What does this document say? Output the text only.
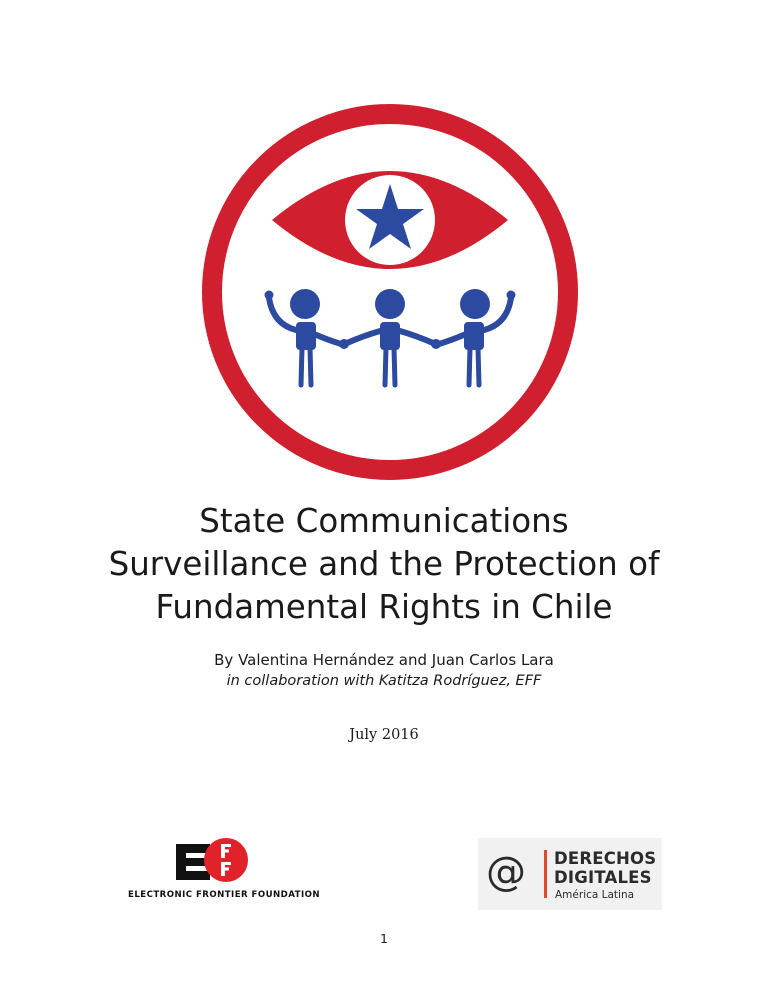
State Communications
Surveillance and the Protection of
Fundamental Rights in Chile
By Valentina Hernández and Juan Carlos Lara
in collaboration with Katitza Rodríguez, EFF
July 2016
ELECTRONIC FRONTIER FOUNDATION	@ DERECHOS
DIGITALES
América Latina
1
